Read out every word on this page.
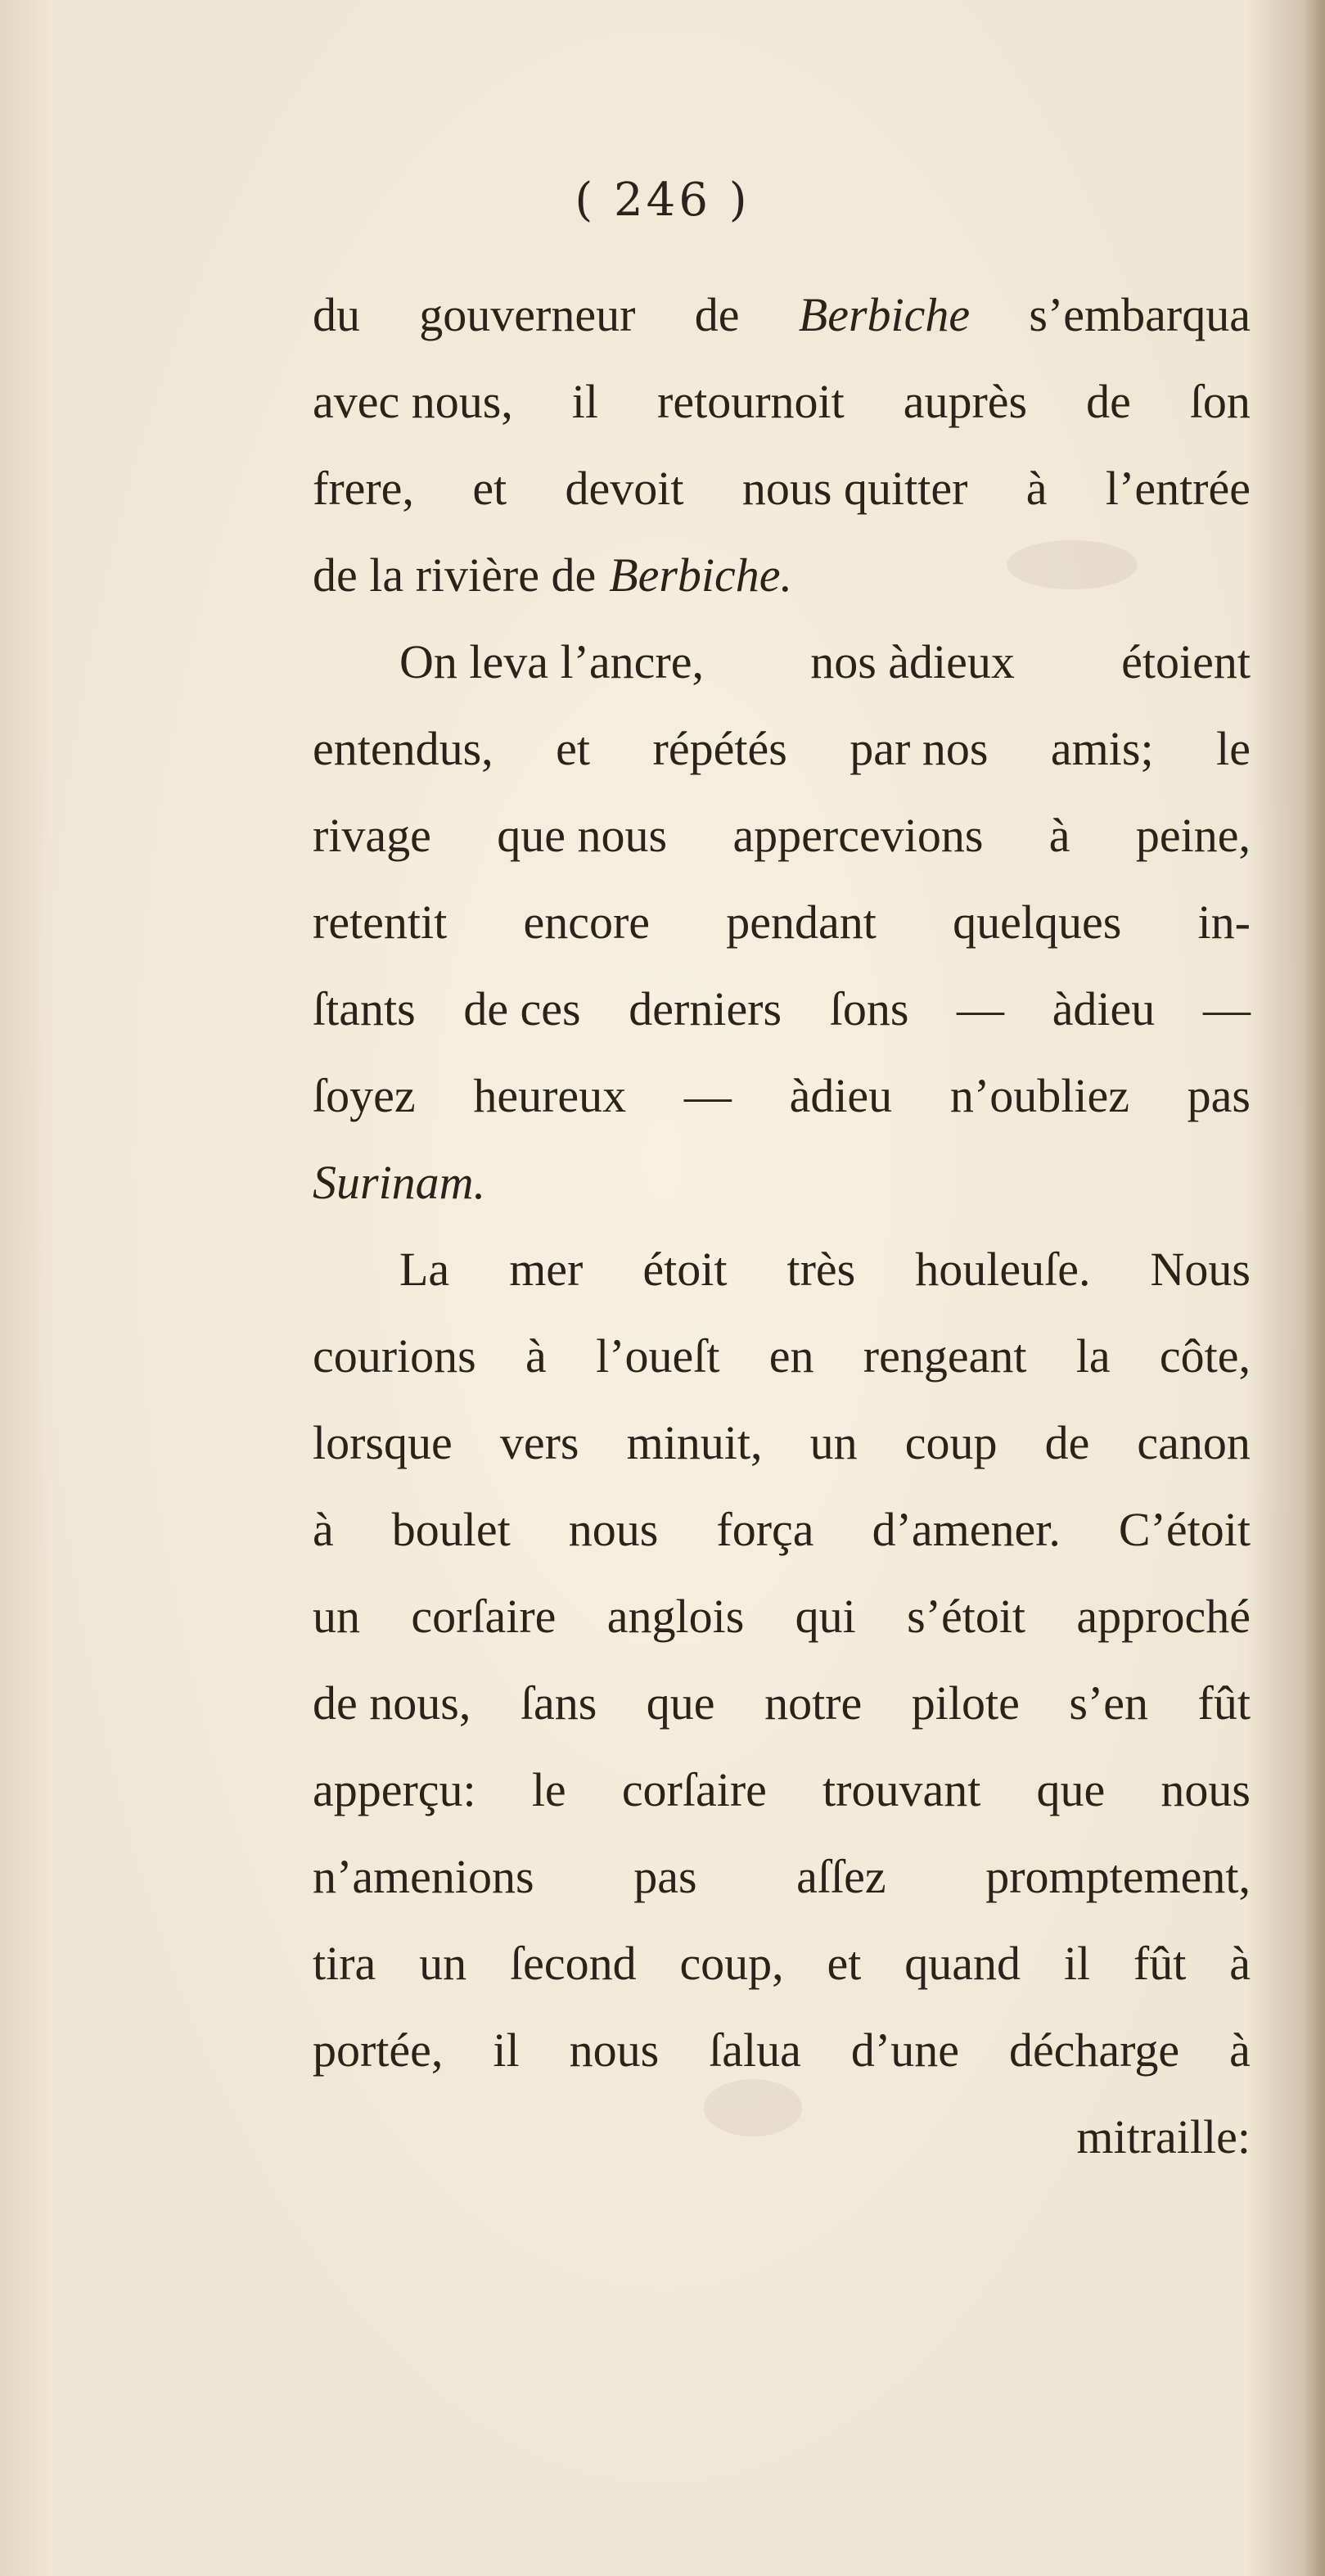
( 246 )
du gouverneur de Berbiche s’embarqua
avec nous, il retournoit auprès de ſon
frere, et devoit nous quitter à l’entrée
de la rivière de Berbiche.
On leva l’ancre, nos àdieux étoient
entendus, et répétés par nos amis; le
rivage que nous appercevions à peine,
retentit encore pendant quelques in-
ſtants de ces derniers ſons — àdieu —
ſoyez heureux — àdieu n’oubliez pas
Surinam.
La mer étoit très houleuſe. Nous
courions à l’oueſt en rengeant la côte,
lorsque vers minuit, un coup de canon
à boulet nous força d’amener. C’étoit
un corſaire anglois qui s’étoit approché
de nous, ſans que notre pilote s’en fût
apperçu: le corſaire trouvant que nous
n’amenions pas aſſez promptement,
tira un ſecond coup, et quand il fût à
portée, il nous ſalua d’une décharge à
mitraille:
